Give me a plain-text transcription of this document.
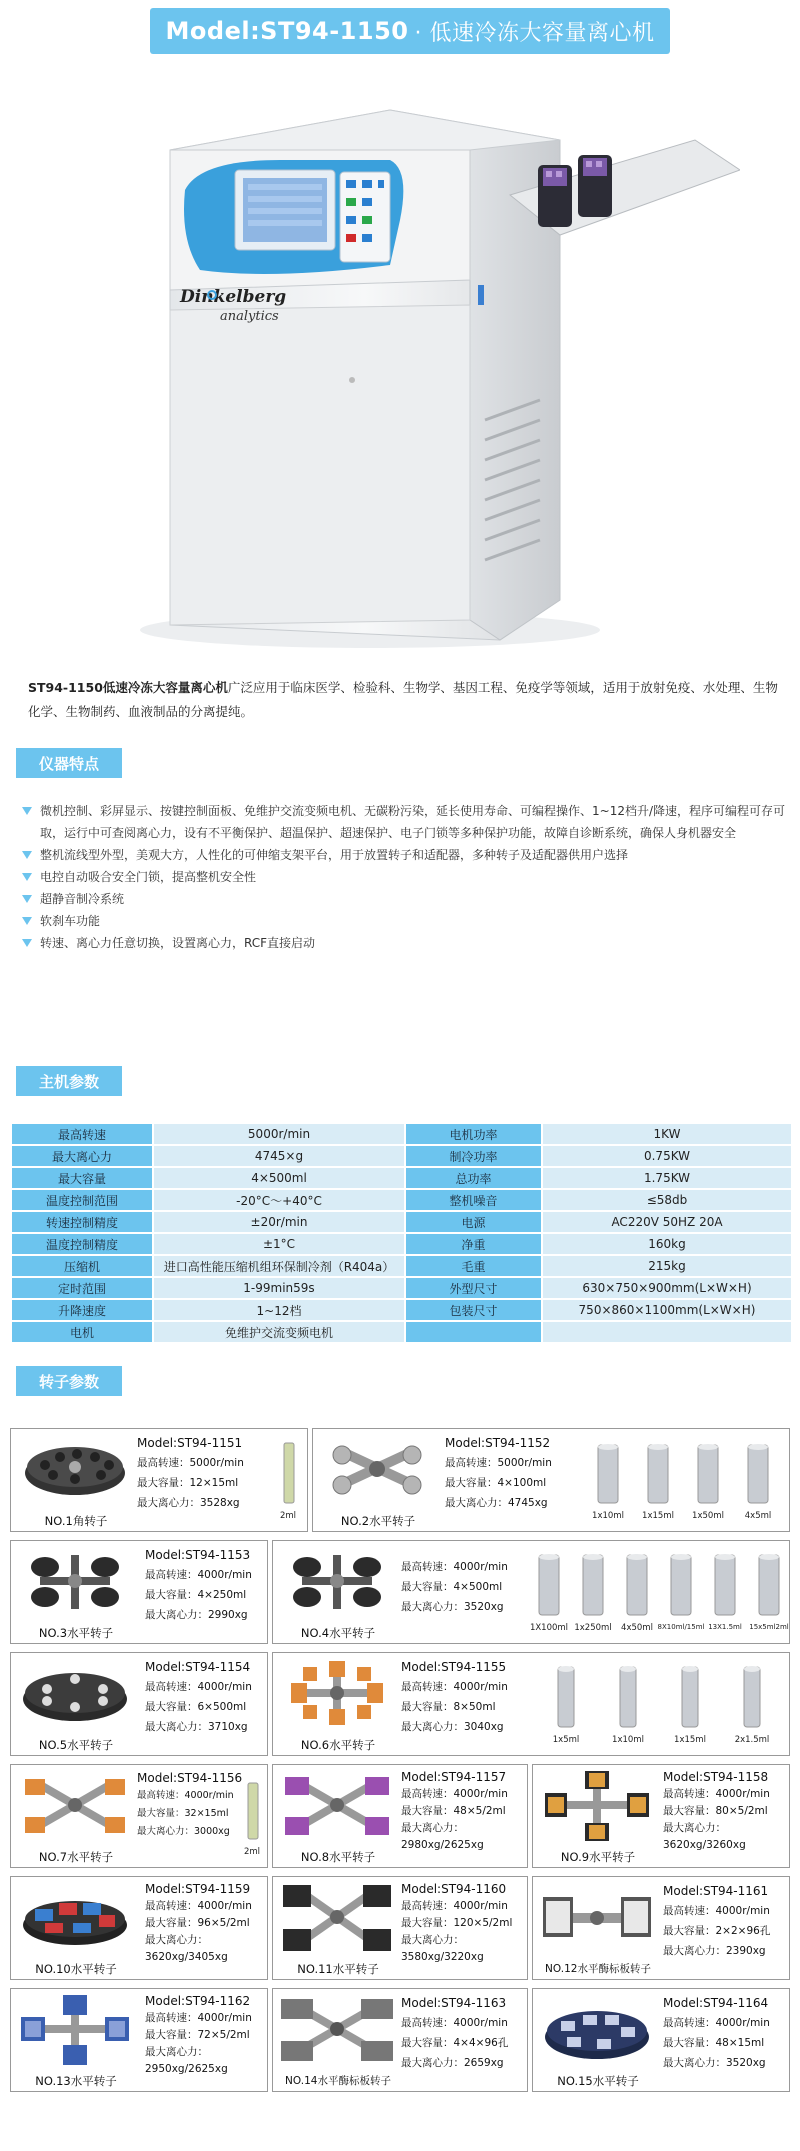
Model:ST94-1150 · 低速冷冻大容量离心机
Dinkelberg
analytics
ST94-1150低速冷冻大容量离心机广泛应用于临床医学、检验科、生物学、基因工程、免疫学等领域，适用于放射免疫、水处理、生物化学、生物制药、血液制品的分离提纯。
仪器特点
微机控制、彩屏显示、按键控制面板、免维护交流变频电机、无碳粉污染，延长使用寿命、可编程操作、1~12档升/降速，程序可编程可存可取，运行中可查阅离心力，设有不平衡保护、超温保护、超速保护、电子门锁等多种保护功能，故障自诊断系统，确保人身机器安全
整机流线型外型，美观大方，人性化的可伸缩支架平台，用于放置转子和适配器，多种转子及适配器供用户选择
电控自动吸合安全门锁，提高整机安全性
超静音制冷系统
软刹车功能
转速、离心力任意切换，设置离心力，RCF直接启动
主机参数
最高转速	5000r/min	电机功率	1KW
最大离心力	4745×g	制冷功率	0.75KW
最大容量	4×500ml	总功率	1.75KW
温度控制范围	-20°C～+40°C	整机噪音	≤58db
转速控制精度	±20r/min	电源	AC220V 50HZ 20A
温度控制精度	±1°C	净重	160kg
压缩机	进口高性能压缩机组环保制冷剂（R404a）	毛重	215kg
定时范围	1-99min59s	外型尺寸	630×750×900mm(L×W×H)
升降速度	1~12档	包装尺寸	750×860×1100mm(L×W×H)
电机	免维护交流变频电机		
转子参数
NO.1角转子
Model:ST94-1151
最高转速：5000r/min
最大容量：12×15ml
最大离心力：3528xg
2ml	NO.2水平转子
Model:ST94-1152
最高转速：5000r/min
最大容量：4×100ml
最大离心力：4745xg
1x10ml 1x15ml 1x50ml 4x5ml
NO.3水平转子
Model:ST94-1153
最高转速：4000r/min
最大容量：4×250ml
最大离心力：2990xg
NO.4水平转子
最高转速：4000r/min
最大容量：4×500ml
最大离心力：3520xg
1X100ml 1x250ml 4x50ml 8X10ml/15ml 13X1.5ml 15x5ml2ml
NO.5水平转子
Model:ST94-1154
最高转速：4000r/min
最大容量：6×500ml
最大离心力：3710xg
NO.6水平转子
Model:ST94-1155
最高转速：4000r/min
最大容量：8×50ml
最大离心力：3040xg
1x5ml	1x10ml	1x15ml	2x1.5ml
NO.7水平转子
Model:ST94-1156
最高转速：4000r/min
最大容量：32×15ml
最大离心力：3000xg
2ml	NO.8水平转子
Model:ST94-1157
最高转速：4000r/min
最大容量：48×5/2ml
最大离心力：
2980xg/2625xg
NO.9水平转子
Model:ST94-1158
最高转速：4000r/min
最大容量：80×5/2ml
最大离心力：
3620xg/3260xg
NO.10水平转子
Model:ST94-1159
最高转速：4000r/min
最大容量：96×5/2ml
最大离心力：
3620xg/3405xg
NO.11水平转子
Model:ST94-1160
最高转速：4000r/min
最大容量：120×5/2ml
最大离心力：
3580xg/3220xg
NO.12水平酶标板转子
Model:ST94-1161
最高转速：4000r/min
最大容量：2×2×96孔
最大离心力：2390xg
NO.13水平转子
Model:ST94-1162
最高转速：4000r/min
最大容量：72×5/2ml
最大离心力：
2950xg/2625xg
NO.14水平酶标板转子
Model:ST94-1163
最高转速：4000r/min
最大容量：4×4×96孔
最大离心力：2659xg
NO.15水平转子
Model:ST94-1164
最高转速：4000r/min
最大容量：48×15ml
最大离心力：3520xg
